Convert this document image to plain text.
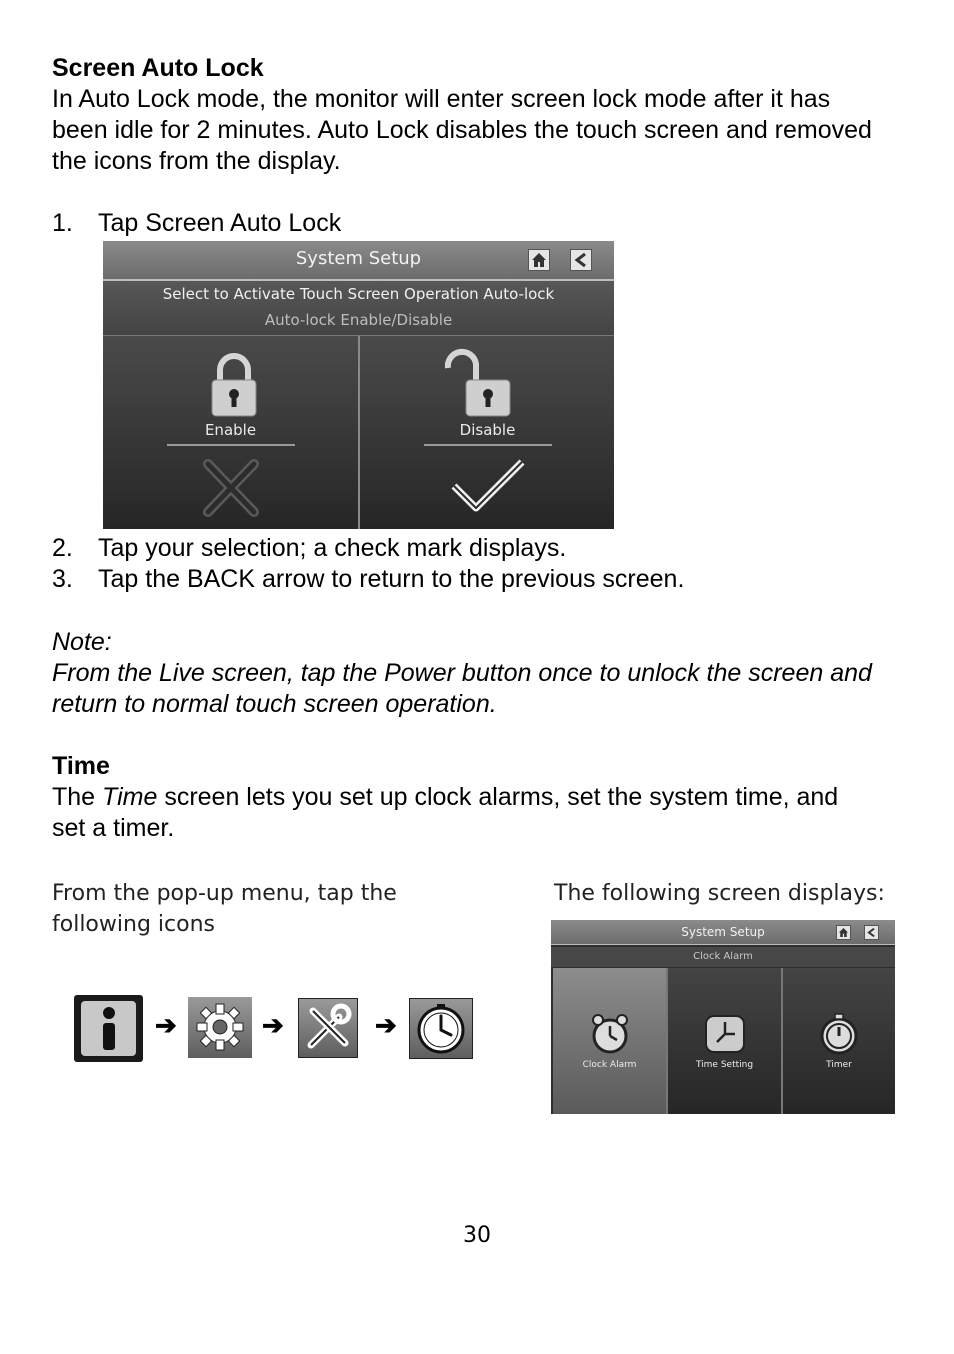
Screen Auto Lock
In Auto Lock mode, the monitor will enter screen lock mode after it has
been idle for 2 minutes. Auto Lock disables the touch screen and removed
the icons from the display.
1. Tap Screen Auto Lock
System Setup
Select to Activate Touch Screen Operation Auto-lock
Auto-lock Enable/Disable
Enable	Disable
2. Tap your selection; a check mark displays.
3. Tap the BACK arrow to return to the previous screen.
Note:
From the Live screen, tap the Power button once to unlock the screen and
return to normal touch screen operation.
Time
The Time screen lets you set up clock alarms, set the system time, and
set a timer.
From the pop-up menu, tap the
following icons
The following screen displays:
➔	➔	➔
System Setup
Clock Alarm
Clock Alarm	Time Setting	Timer
30
